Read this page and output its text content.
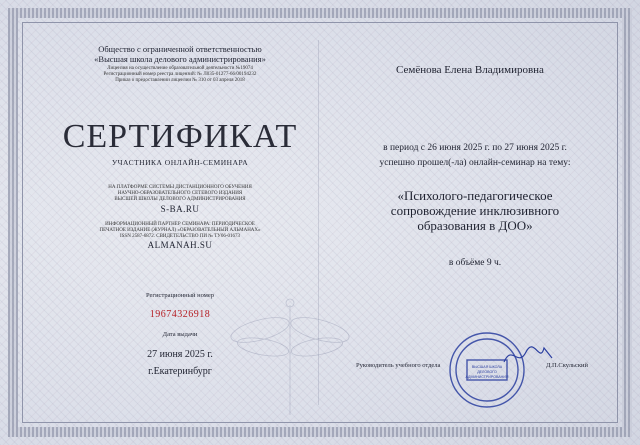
Общество с ограниченной ответственностью
«Высшая школа делового администрирования»
Лицензия на осуществление образовательной деятельности №19074
Регистрационный номер реестра лицензий: № Л035-01277-66/00194232
Приказ о предоставлении лицензии № 310 от 03 апреля 2018
СЕРТИФИКАТ
УЧАСТНИКА ОНЛАЙН-СЕМИНАРА
НА ПЛАТФОРМЕ СИСТЕМЫ ДИСТАНЦИОННОГО ОБУЧЕНИЯ
НАУЧНО-ОБРАЗОВАТЕЛЬНОГО СЕТЕВОГО ИЗДАНИЯ
ВЫСШЕЙ ШКОЛЫ ДЕЛОВОГО АДМИНИСТРИРОВАНИЯ
S-BA.RU
ИНФОРМАЦИОННЫЙ ПАРТНЕР СЕМИНАРА: ПЕРИОДИЧЕСКОЕ
ПЕЧАТНОЕ ИЗДАНИЕ (ЖУРНАЛ) «ОБРАЗОВАТЕЛЬНЫЙ АЛЬМАНАХ»
ISSN 2587-6872. СВИДЕТЕЛЬСТВО ПИ № ТУ66-01673
ALMANAH.SU
Регистрационный номер
19674326918
Дата выдачи
27 июня 2025 г.
г.Екатеринбург
Семёнова Елена Владимировна
в период с 26 июня 2025 г. по 27 июня 2025 г.
успешно прошел(-ла) онлайн-семинар на тему:
«Психолого-педагогическое
сопровождение инклюзивного
образования в ДОО»
в объёме 9 ч.
Руководитель учебного отдела	Д.П.Скульский
ВЫСШАЯ ШКОЛА
ДЕЛОВОГО
АДМИНИСТРИРОВАНИЯ
